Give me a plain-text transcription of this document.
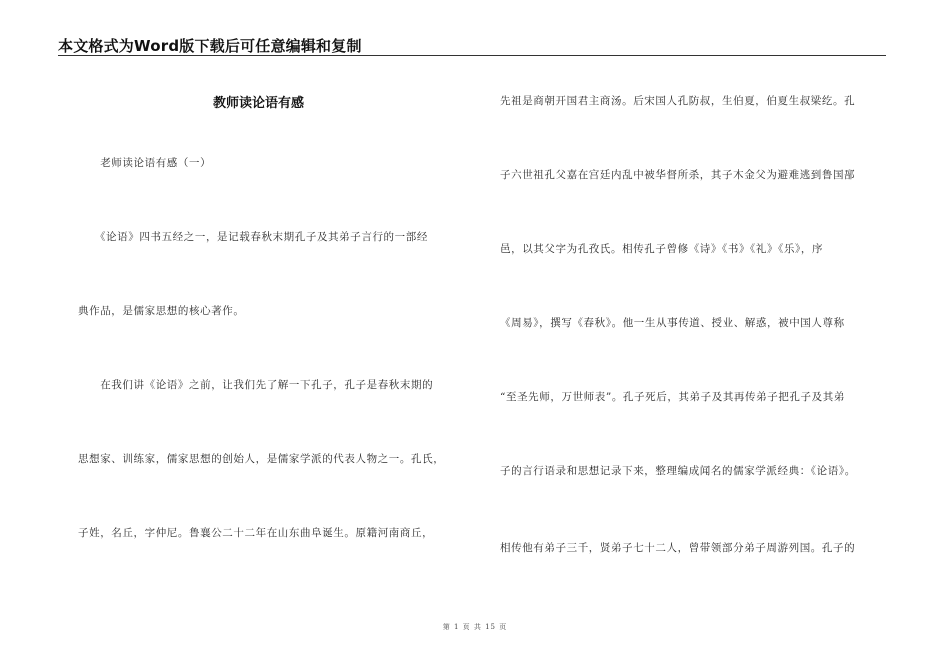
本文格式为Word版下载后可任意编辑和复制
教师读论语有感
　　老师读论语有感（一）
　　《论语》四书五经之一，是记载春秋末期孔子及其弟子言行的一部经
典作品，是儒家思想的核心著作。
　　在我们讲《论语》之前，让我们先了解一下孔子，孔子是春秋末期的
思想家、训练家，儒家思想的创始人，是儒家学派的代表人物之一。孔氏，
子姓，名丘，字仲尼。鲁襄公二十二年在山东曲阜诞生。原籍河南商丘，
先祖是商朝开国君主商汤。后宋国人孔防叔，生伯夏，伯夏生叔梁纥。孔
子六世祖孔父嘉在宫廷内乱中被华督所杀，其子木金父为避难逃到鲁国郚
邑，以其父字为孔孜氏。相传孔子曾修《诗》《书》《礼》《乐》，序
《周易》，撰写《春秋》。他一生从事传道、授业、解惑，被中国人尊称
“至圣先师，万世师表”。孔子死后，其弟子及其再传弟子把孔子及其弟
子的言行语录和思想记录下来，整理编成闻名的儒家学派经典：《论语》。
相传他有弟子三千，贤弟子七十二人，曾带领部分弟子周游列国。孔子的
第 1 页 共 15 页
